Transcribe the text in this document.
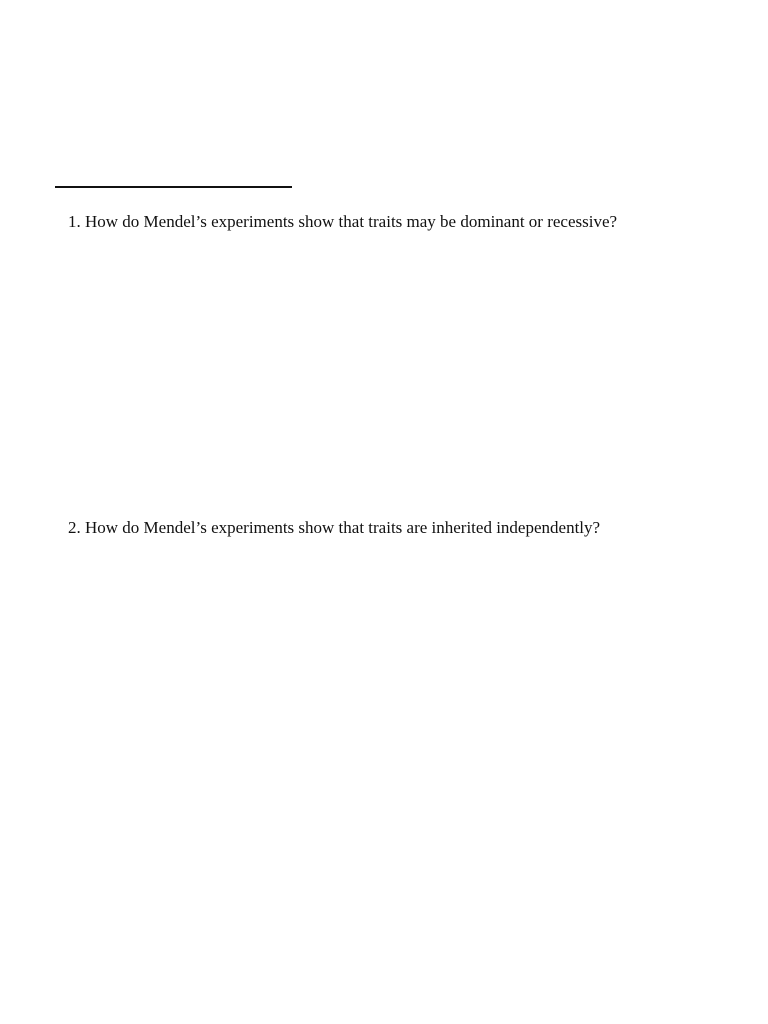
1. How do Mendel’s experiments show that traits may be dominant or recessive?
2. How do Mendel’s experiments show that traits are inherited independently?
